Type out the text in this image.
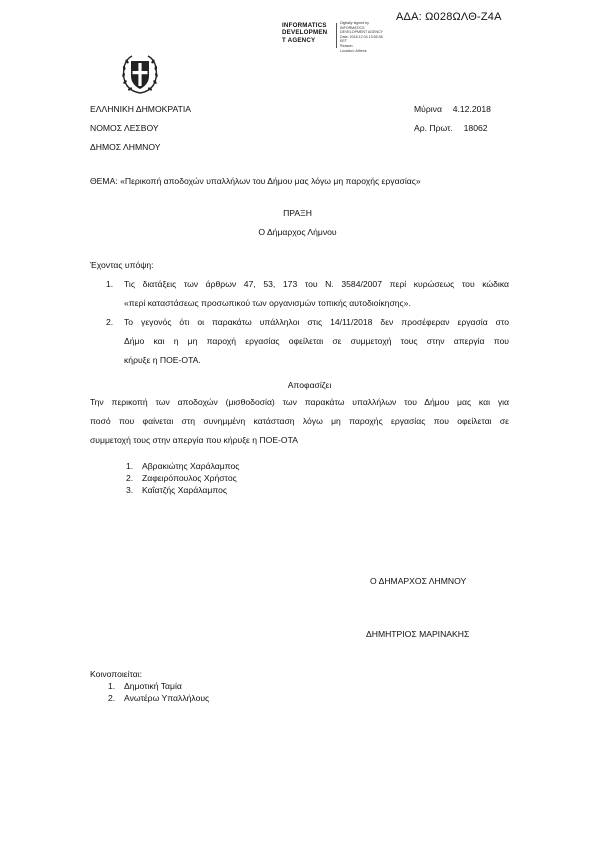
ΑΔΑ: Ω028ΩΛΘ-Ζ4Α
INFORMATICS
DEVELOPMEN
T AGENCY
Digitally signed by
INFORMATICS
DEVELOPMENT AGENCY
Date: 2018.12.04 13:55:38
EET
Reason:
Location: Athens
ΕΛΛΗΝΙΚΗ ΔΗΜΟΚΡΑΤΙΑ
ΝΟΜΟΣ ΛΕΣΒΟΥ
ΔΗΜΟΣ ΛΗΜΝΟΥ
Μύρινα 4.12.2018
Αρ. Πρωτ. 18062
ΘΕΜΑ: «Περικοπή αποδοχών υπαλλήλων του Δήμου μας λόγω μη παροχής εργασίας»
ΠΡΑΞΗ
Ο Δήμαρχος Λήμνου
Έχοντας υπόψη:
1. Τις διατάξεις των άρθρων 47, 53, 173 του Ν. 3584/2007 περί κυρώσεως του κώδικα
«περί καταστάσεως προσωπικού των οργανισμών τοπικής αυτοδιοίκησης».
2. Το γεγονός ότι οι παρακάτω υπάλληλοι στις 14/11/2018 δεν προσέφεραν εργασία στο
Δήμο και η μη παροχή εργασίας οφείλεται σε συμμετοχή τους στην απεργία που
κήρυξε η ΠΟΕ-ΟΤΑ.
Αποφασίζει
Την περικοπή των αποδοχών (μισθοδοσία) των παρακάτω υπαλλήλων του Δήμου μας και για
ποσό που φαίνεται στη συνημμένη κατάσταση λόγω μη παροχής εργασίας που οφείλεται σε
συμμετοχή τους στην απεργία που κήρυξε η ΠΟΕ-ΟΤΑ
1. Αβρακιώτης Χαράλαμπος
2. Ζαφειρόπουλος Χρήστος
3. Καΐατζής Χαράλαμπος
Ο ΔΗΜΑΡΧΟΣ ΛΗΜΝΟΥ
ΔΗΜΗΤΡΙΟΣ ΜΑΡΙΝΑΚΗΣ
Κοινοποιείται:
1. Δημοτική Ταμία
2. Ανωτέρω Υπαλλήλους
